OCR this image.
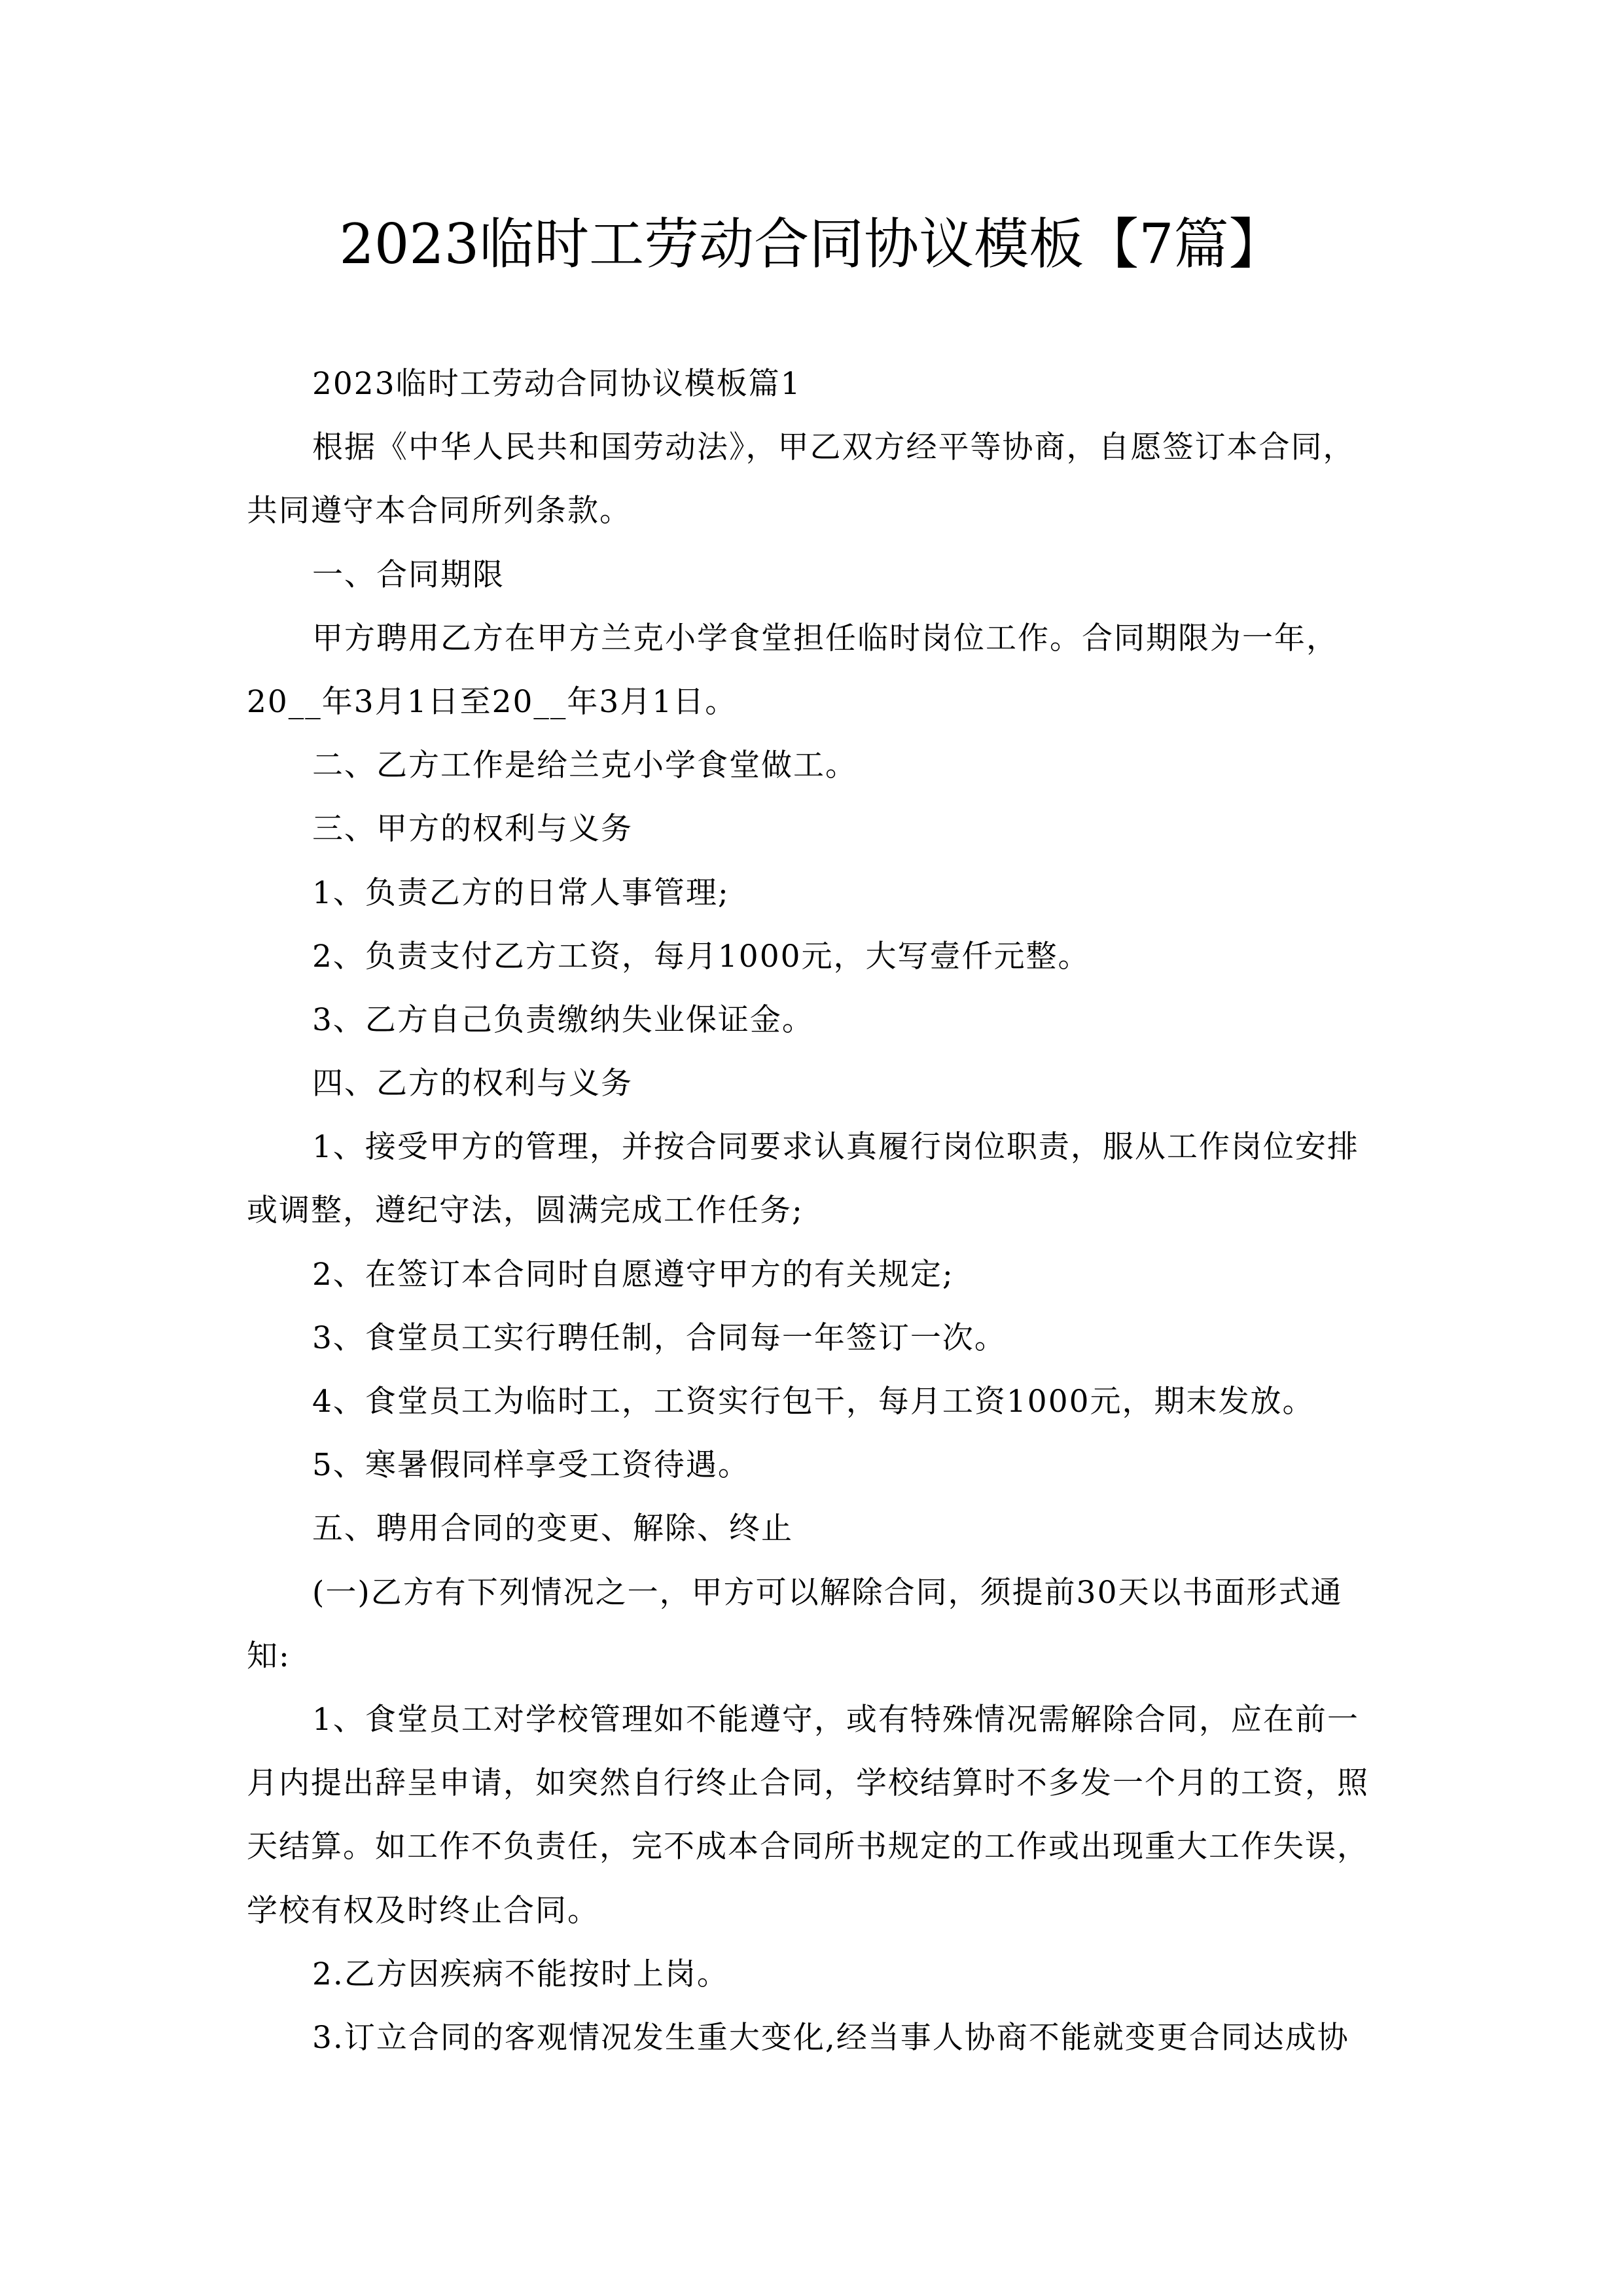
2023临时工劳动合同协议模板【7篇】
2023临时工劳动合同协议模板篇1
根据《中华人民共和国劳动法》，甲乙双方经平等协商，自愿签订本合同，
共同遵守本合同所列条款。
一、合同期限
甲方聘用乙方在甲方兰克小学食堂担任临时岗位工作。合同期限为一年，
20__年3月1日至20__年3月1日。
二、乙方工作是给兰克小学食堂做工。
三、甲方的权利与义务
1、负责乙方的日常人事管理;
2、负责支付乙方工资，每月1000元，大写壹仟元整。
3、乙方自己负责缴纳失业保证金。
四、乙方的权利与义务
1、接受甲方的管理，并按合同要求认真履行岗位职责，服从工作岗位安排
或调整，遵纪守法，圆满完成工作任务;
2、在签订本合同时自愿遵守甲方的有关规定;
3、食堂员工实行聘任制，合同每一年签订一次。
4、食堂员工为临时工，工资实行包干，每月工资1000元，期末发放。
5、寒暑假同样享受工资待遇。
五、聘用合同的变更、解除、终止
(一)乙方有下列情况之一，甲方可以解除合同，须提前30天以书面形式通
知:
1、食堂员工对学校管理如不能遵守，或有特殊情况需解除合同，应在前一
月内提出辞呈申请，如突然自行终止合同，学校结算时不多发一个月的工资，照
天结算。如工作不负责任，完不成本合同所书规定的工作或出现重大工作失误，
学校有权及时终止合同。
2.乙方因疾病不能按时上岗。
3.订立合同的客观情况发生重大变化,经当事人协商不能就变更合同达成协
